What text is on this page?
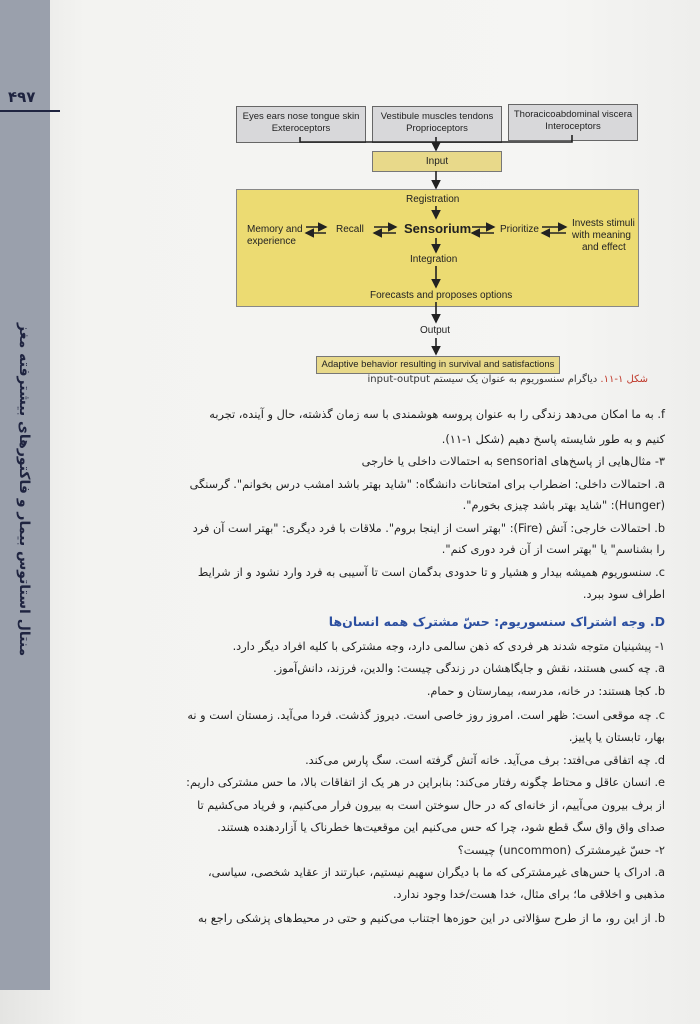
منتال استاتوس بیمار و فاکتورهای بیشترفته مغز
۴۹۷
Eyes ears nose tongue skin
Exteroceptors
Vestibule muscles tendons
Proprioceptors
Thoracicoabdominal viscera
Interoceptors
Input
Registration
Memory and
experience
Recall	Sensorium	Prioritize
Invests stimuli
with meaning
and effect
Integration
Forecasts and proposes options
Output
Adaptive behavior resulting in survival and satisfactions
شکل ۱-۱۱. دیاگرام سنسوریوم به عنوان یک سیستم input-output
f. به ما امکان می‌دهد زندگی را به عنوان پروسه هوشمندی با سه زمان گذشته، حال و آینده، تجربه
کنیم و به طور شایسته پاسخ دهیم (شکل ۱-۱۱).
۳- مثال‌هایی از پاسخ‌های sensorial به احتمالات داخلی یا خارجی
a. احتمالات داخلی: اضطراب برای امتحانات دانشگاه: "شاید بهتر باشد امشب درس بخوانم". گرسنگی
(Hunger): "شاید بهتر باشد چیزی بخورم".
b. احتمالات خارجی: آتش (Fire): "بهتر است از اینجا بروم". ملاقات با فرد دیگری: "بهتر است آن فرد
را بشناسم" یا "بهتر است از آن فرد دوری کنم".
c. سنسوریوم همیشه بیدار و هشیار و تا حدودی بدگمان است تا آسیبی به فرد وارد نشود و از شرایط
اطراف سود ببرد.
D. وجه اشتراک سنسوریوم: حسّ مشترک همه انسان‌ها
۱- پیشینیان متوجه شدند هر فردی که ذهن سالمی دارد، وجه مشترکی با کلیه افراد دیگر دارد.
a. چه کسی هستند، نقش و جایگاهشان در زندگی چیست: والدین، فرزند، دانش‌آموز.
b. کجا هستند: در خانه، مدرسه، بیمارستان و حمام.
c. چه موقعی است: ظهر است. امروز روز خاصی است. دیروز گذشت. فردا می‌آید. زمستان است و نه
بهار، تابستان یا پاییز.
d. چه اتفاقی می‌افتد: برف می‌آید. خانه آتش گرفته است. سگ پارس می‌کند.
e. انسان عاقل و محتاط چگونه رفتار می‌کند: بنابراین در هر یک از اتفاقات بالا، ما حس مشترکی داریم:
از برف بیرون می‌آییم، از خانه‌ای که در حال سوختن است به بیرون فرار می‌کنیم، و فریاد می‌کشیم تا
صدای واق واق سگ قطع شود، چرا که حس می‌کنیم این موقعیت‌ها خطرناک یا آزاردهنده هستند.
۲- حسّ غیرمشترک (uncommon) چیست؟
a. ادراک یا حس‌های غیرمشترکی که ما با دیگران سهیم نیستیم، عبارتند از عقاید شخصی، سیاسی،
مذهبی و اخلاقی ما؛ برای مثال، خدا هست/خدا وجود ندارد.
b. از این رو، ما از طرح سؤالاتی در این حوزه‌ها اجتناب می‌کنیم و حتی در محیط‌های پزشکی راجع به
